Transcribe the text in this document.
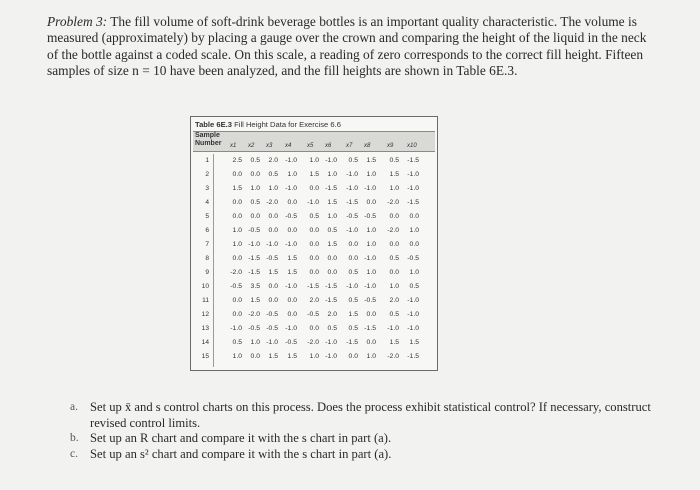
Problem 3: The fill volume of soft-drink beverage bottles is an important quality characteristic. The volume is measured (approximately) by placing a gauge over the crown and comparing the height of the liquid in the neck of the bottle against a coded scale. On this scale, a reading of zero corresponds to the correct fill height. Fifteen samples of size n = 10 have been analyzed, and the fill heights are shown in Table 6E.3.
Table 6E.3 Fill Height Data for Exercise 6.6
Sample
Number x1 x2 x3 x4	x5 x6 x7 x8	x9 x10
1	2.5	0.5	2.0	-1.0	1.0 -1.0	0.5	1.5	0.5	-1.5
2	0.0	0.0	0.5	1.0	1.5	1.0	-1.0	1.0	1.5	-1.0
3	1.5	1.0	1.0	-1.0	0.0 -1.5	-1.0 -1.0	1.0	-1.0
4	0.0	0.5 -2.0	0.0	-1.0	1.5	-1.5	0.0	-2.0	-1.5
5	0.0	0.0	0.0	-0.5	0.5	1.0	-0.5 -0.5	0.0	0.0
6	1.0 -0.5	0.0	0.0	0.0	0.5	-1.0	1.0	-2.0	1.0
7	1.0 -1.0 -1.0	-1.0	0.0	1.5	0.0	1.0	0.0	0.0
8	0.0 -1.5 -0.5	1.5	0.0	0.0	0.0 -1.0	0.5	-0.5
9	-2.0 -1.5	1.5	1.5	0.0	0.0	0.5	1.0	0.0	1.0
10	-0.5	3.5	0.0	-1.0	-1.5 -1.5	-1.0 -1.0	1.0	0.5
11	0.0	1.5	0.0	0.0	2.0 -1.5	0.5 -0.5	2.0	-1.0
12	0.0 -2.0 -0.5	0.0	-0.5	2.0	1.5	0.0	0.5	-1.0
13	-1.0 -0.5 -0.5	-1.0	0.0	0.5	0.5 -1.5	-1.0	-1.0
14	0.5	1.0 -1.0	-0.5	-2.0 -1.0	-1.5	0.0	1.5	1.5
15	1.0	0.0	1.5	1.5	1.0 -1.0	0.0	1.0	-2.0	-1.5
a. Set up x̄ and s control charts on this process. Does the process exhibit statistical control? If necessary, construct revised control limits.
b. Set up an R chart and compare it with the s chart in part (a).
c. Set up an s² chart and compare it with the s chart in part (a).
